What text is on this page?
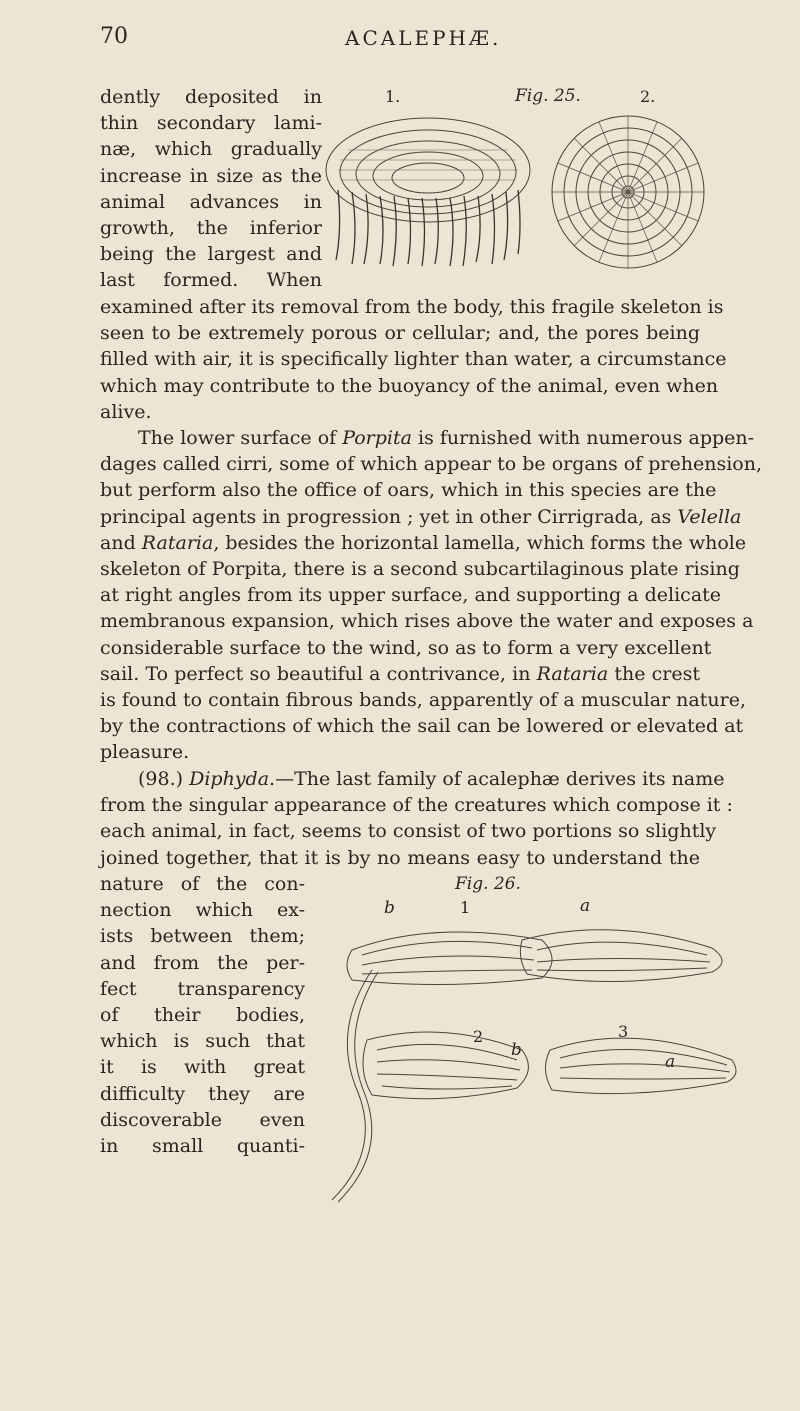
70	ACALEPHÆ.
dently deposited in
thin secondary lami-
næ, which gradually
increase in size as the
animal advances in
growth, the inferior
being the largest and
last formed. When
1.	Fig. 25.	2.
examined after its removal from the body, this fragile skeleton is
seen to be extremely porous or cellular; and, the pores being
filled with air, it is specifically lighter than water, a circumstance
which may contribute to the buoyancy of the animal, even when
alive.
The lower surface of Porpita is furnished with numerous appen-
dages called cirri, some of which appear to be organs of prehension,
but perform also the office of oars, which in this species are the
principal agents in progression ; yet in other Cirrigrada, as Velella
and Rataria, besides the horizontal lamella, which forms the whole
skeleton of Porpita, there is a second subcartilaginous plate rising
at right angles from its upper surface, and supporting a delicate
membranous expansion, which rises above the water and exposes a
considerable surface to the wind, so as to form a very excellent
sail. To perfect so beautiful a contrivance, in Rataria the crest
is found to contain fibrous bands, apparently of a muscular nature,
by the contractions of which the sail can be lowered or elevated at
pleasure.
(98.) Diphyda.—The last family of acalephæ derives its name
from the singular appearance of the creatures which compose it :
each animal, in fact, seems to consist of two portions so slightly
joined together, that it is by no means easy to understand the
nature of the con-
nection which ex-
ists between them;
and from the per-
fect transparency
of their bodies,
which is such that
it is with great
difficulty they are
discoverable even
in small quanti-
Fig. 26.
b	1	a
2
b
3
a
